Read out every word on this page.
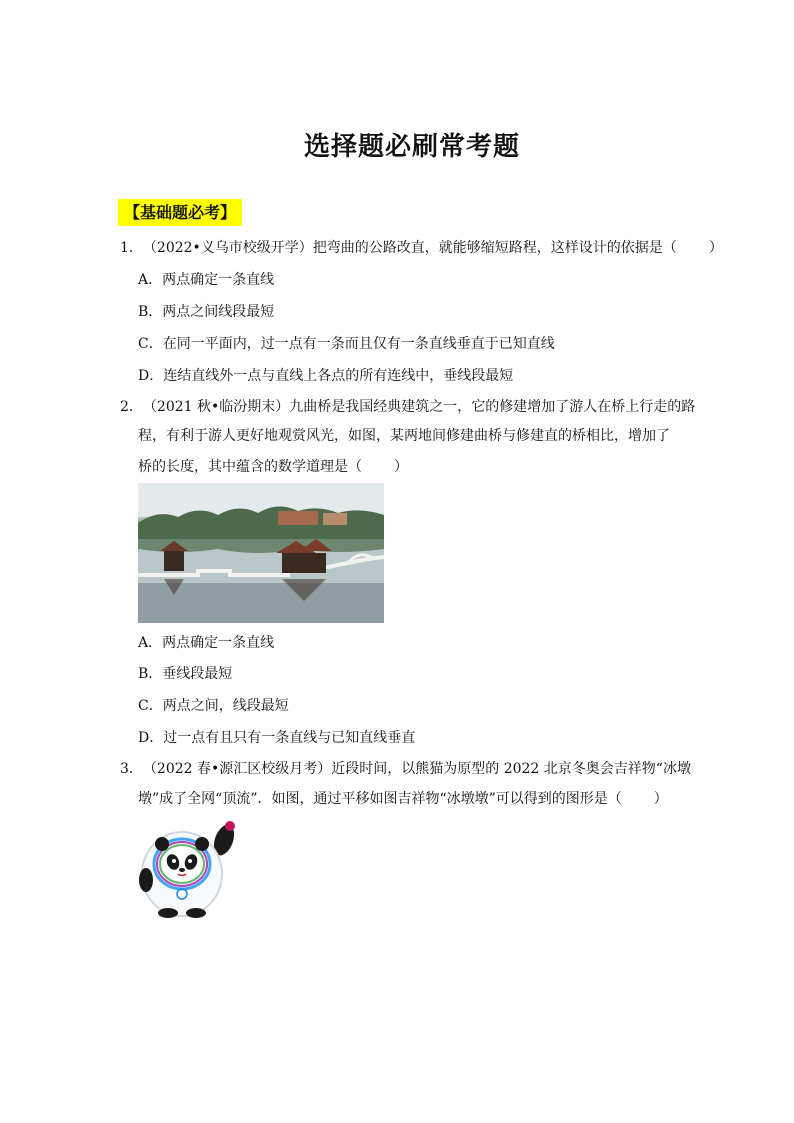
选择题必刷常考题
【基础题必考】
1．（2022•义乌市校级开学）把弯曲的公路改直，就能够缩短路程，这样设计的依据是（ ）
A．两点确定一条直线
B．两点之间线段最短
C．在同一平面内，过一点有一条而且仅有一条直线垂直于已知直线
D．连结直线外一点与直线上各点的所有连线中，垂线段最短
2．（2021 秋•临汾期末）九曲桥是我国经典建筑之一，它的修建增加了游人在桥上行走的路
程，有利于游人更好地观赏风光，如图，某两地间修建曲桥与修建直的桥相比，增加了
桥的长度，其中蕴含的数学道理是（ ）
A．两点确定一条直线
B．垂线段最短
C．两点之间，线段最短
D．过一点有且只有一条直线与已知直线垂直
3．（2022 春•源汇区校级月考）近段时间，以熊猫为原型的 2022 北京冬奥会吉祥物“冰墩
墩”成了全网“顶流”．如图，通过平移如图吉祥物“冰墩墩”可以得到的图形是（ ）
